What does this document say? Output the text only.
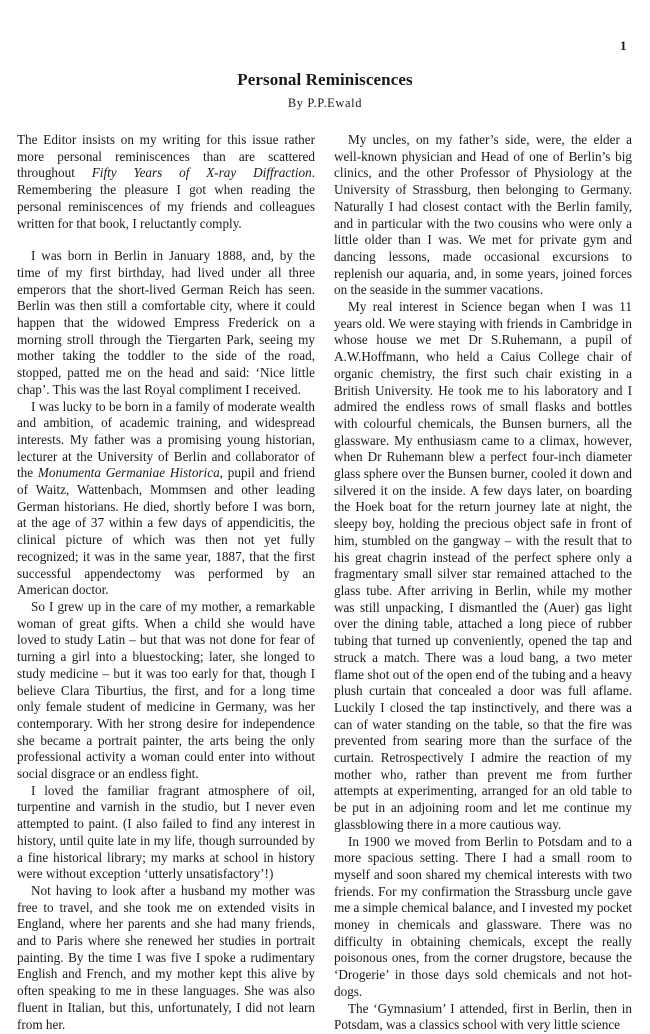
1
Personal Reminiscences
By P.P.Ewald

The Editor insists on my writing for this issue rather more personal reminiscences than are scattered throughout Fifty Years of X-ray Diffraction. Remembering the pleasure I got when reading the personal reminiscences of my friends and colleagues written for that book, I reluctantly comply.

I was born in Berlin in January 1888, and, by the time of my first birthday, had lived under all three emperors that the short-lived German Reich has seen. Berlin was then still a comfortable city, where it could happen that the widowed Empress Frederick on a morning stroll through the Tiergarten Park, seeing my mother taking the toddler to the side of the road, stopped, patted me on the head and said: ‘Nice little chap’. This was the last Royal compliment I received.

I was lucky to be born in a family of moderate wealth and ambition, of academic training, and widespread interests. My father was a promising young historian, lecturer at the University of Berlin and collaborator of the Monumenta Germaniae Historica, pupil and friend of Waitz, Wattenbach, Mommsen and other leading German historians. He died, shortly before I was born, at the age of 37 within a few days of appendicitis, the clinical picture of which was then not yet fully recognized; it was in the same year, 1887, that the first successful appendectomy was performed by an American doctor.

So I grew up in the care of my mother, a remarkable woman of great gifts. When a child she would have loved to study Latin – but that was not done for fear of turning a girl into a bluestocking; later, she longed to study medicine – but it was too early for that, though I believe Clara Tiburtius, the first, and for a long time only female student of medicine in Germany, was her contemporary. With her strong desire for independence she became a portrait painter, the arts being the only professional activity a woman could enter into without social disgrace or an endless fight.

I loved the familiar fragrant atmosphere of oil, turpentine and varnish in the studio, but I never even attempted to paint. (I also failed to find any interest in history, until quite late in my life, though surrounded by a fine historical library; my marks at school in history were without exception ‘utterly unsatisfactory’!)

Not having to look after a husband my mother was free to travel, and she took me on extended visits in England, where her parents and she had many friends, and to Paris where she renewed her studies in portrait painting. By the time I was five I spoke a rudimentary English and French, and my mother kept this alive by often speaking to me in these languages. She was also fluent in Italian, but this, unfortunately, I did not learn from her.

My uncles, on my father’s side, were, the elder a well-known physician and Head of one of Berlin’s big clinics, and the other Professor of Physiology at the University of Strassburg, then belonging to Germany. Naturally I had closest contact with the Berlin family, and in particular with the two cousins who were only a little older than I was. We met for private gym and dancing lessons, made occasional excursions to replenish our aquaria, and, in some years, joined forces on the seaside in the summer vacations.

My real interest in Science began when I was 11 years old. We were staying with friends in Cambridge in whose house we met Dr S.Ruhemann, a pupil of A.W.Hoffmann, who held a Caius College chair of organic chemistry, the first such chair existing in a British University. He took me to his laboratory and I admired the endless rows of small flasks and bottles with colourful chemicals, the Bunsen burners, all the glassware. My enthusiasm came to a climax, however, when Dr Ruhemann blew a perfect four-inch diameter glass sphere over the Bunsen burner, cooled it down and silvered it on the inside. A few days later, on boarding the Hoek boat for the return journey late at night, the sleepy boy, holding the precious object safe in front of him, stumbled on the gangway – with the result that to his great chagrin instead of the perfect sphere only a fragmentary small silver star remained attached to the glass tube. After arriving in Berlin, while my mother was still unpacking, I dismantled the (Auer) gas light over the dining table, attached a long piece of rubber tubing that turned up conveniently, opened the tap and struck a match. There was a loud bang, a two meter flame shot out of the open end of the tubing and a heavy plush curtain that concealed a door was full aflame. Luckily I closed the tap instinctively, and there was a can of water standing on the table, so that the fire was prevented from searing more than the surface of the curtain. Retrospectively I admire the reaction of my mother who, rather than prevent me from further attempts at experimenting, arranged for an old table to be put in an adjoining room and let me continue my glassblowing there in a more cautious way.

In 1900 we moved from Berlin to Potsdam and to a more spacious setting. There I had a small room to myself and soon shared my chemical interests with two friends. For my confirmation the Strassburg uncle gave me a simple chemical balance, and I invested my pocket money in chemicals and glassware. There was no difficulty in obtaining chemicals, except the really poisonous ones, from the corner drugstore, because the ‘Drogerie’ in those days sold chemicals and not hot-dogs.

The ‘Gymnasium’ I attended, first in Berlin, then in Potsdam, was a classics school with very little science
